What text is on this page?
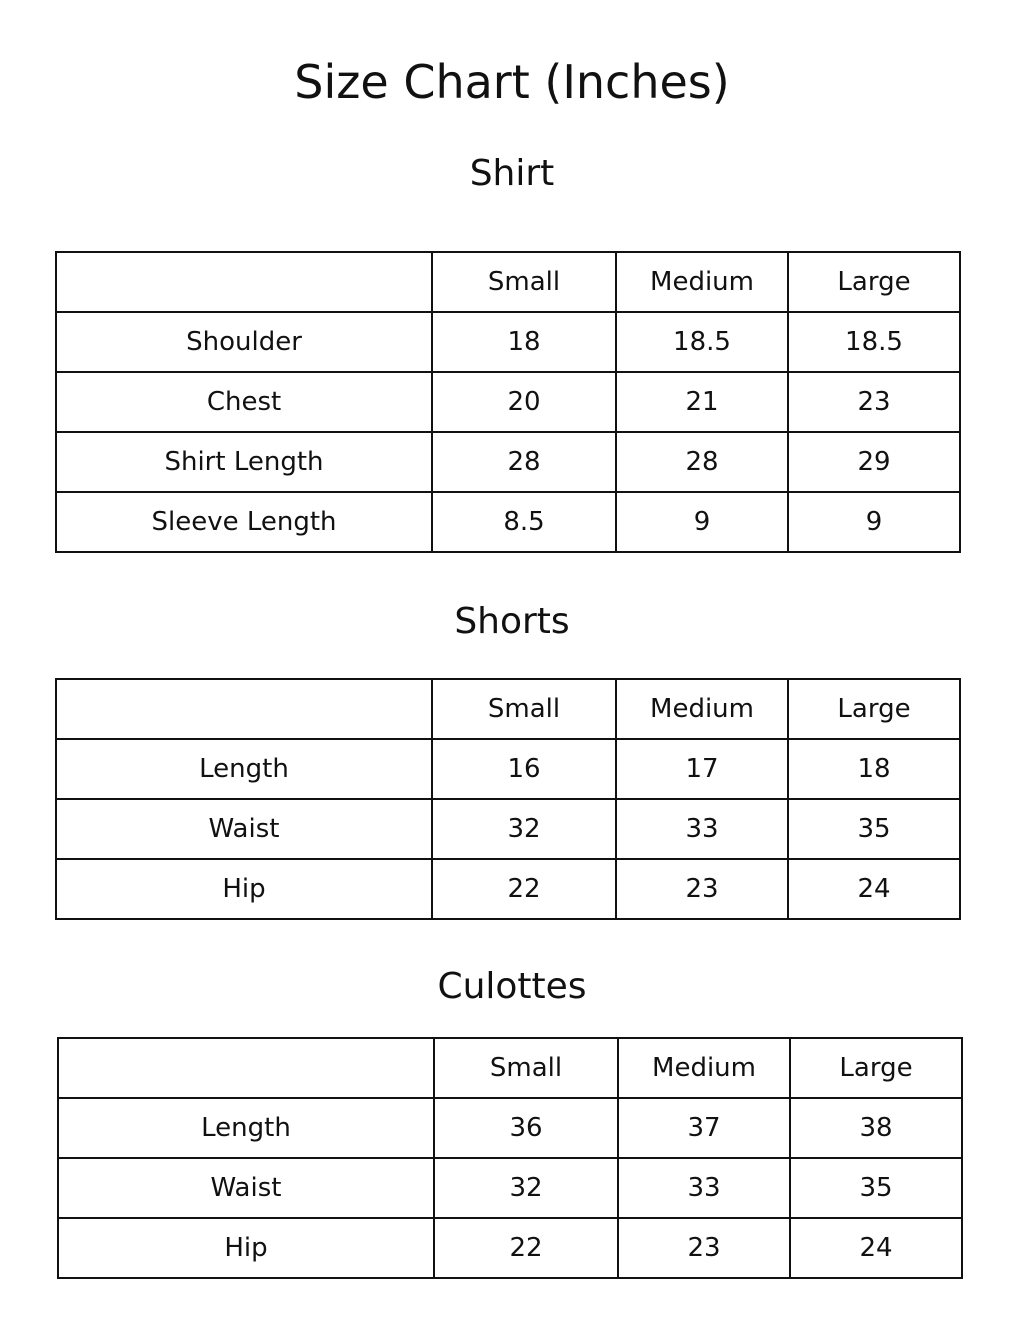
Size Chart (Inches)
Shirt
	Small	Medium	Large
Shoulder	18	18.5	18.5
Chest	20	21	23
Shirt Length	28	28	29
Sleeve Length	8.5	9	9
Shorts
	Small	Medium	Large
Length	16	17	18
Waist	32	33	35
Hip	22	23	24
Culottes
	Small	Medium	Large
Length	36	37	38
Waist	32	33	35
Hip	22	23	24
